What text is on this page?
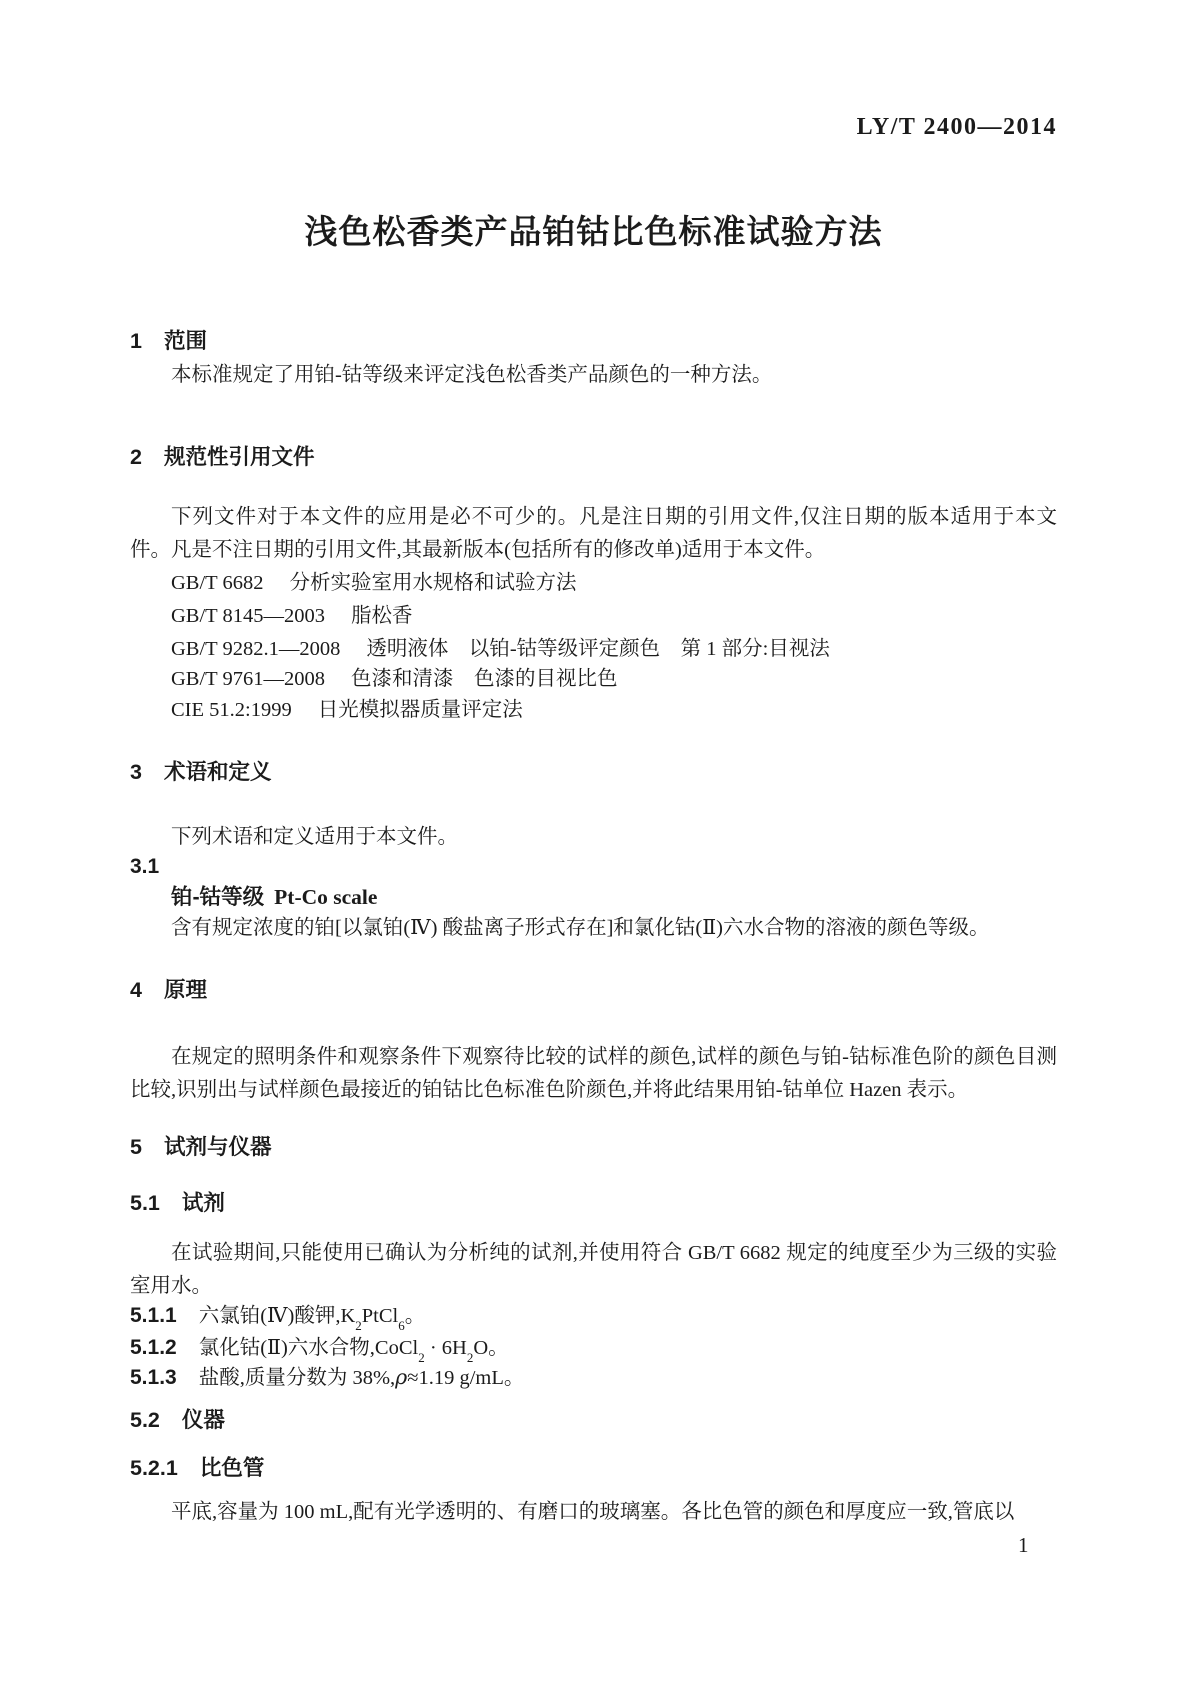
LY/T 2400—2014
浅色松香类产品铂钴比色标准试验方法

1 范围

本标准规定了用铂-钴等级来评定浅色松香类产品颜色的一种方法。

2 规范性引用文件

下列文件对于本文件的应用是必不可少的。凡是注日期的引用文件,仅注日期的版本适用于本文件。凡是不注日期的引用文件,其最新版本(包括所有的修改单)适用于本文件。

GB/T 6682 分析实验室用水规格和试验方法

GB/T 8145—2003 脂松香

GB/T 9282.1—2008 透明液体　以铂-钴等级评定颜色　第 1 部分:目视法

GB/T 9761—2008 色漆和清漆　色漆的目视比色

CIE 51.2:1999 日光模拟器质量评定法

3 术语和定义

下列术语和定义适用于本文件。

3.1

铂-钴等级 Pt-Co scale

含有规定浓度的铂[以氯铂(Ⅳ) 酸盐离子形式存在]和氯化钴(Ⅱ)六水合物的溶液的颜色等级。

4 原理

在规定的照明条件和观察条件下观察待比较的试样的颜色,试样的颜色与铂-钴标准色阶的颜色目测比较,识别出与试样颜色最接近的铂钴比色标准色阶颜色,并将此结果用铂-钴单位 Hazen 表示。

5 试剂与仪器

5.1 试剂

在试验期间,只能使用已确认为分析纯的试剂,并使用符合 GB/T 6682 规定的纯度至少为三级的实验室用水。

5.1.1 六氯铂(Ⅳ)酸钾$,K_2PtCl_6$。

5.1.2 氯化钴(Ⅱ)六水合物,CoCl$_2$ · $6H_2O$。

5.1.3 盐酸,质量分数为 38%,ρ≈1.19 g/mL。

5.2 仪器

5.2.1 比色管

平底,容量为 100 mL,配有光学透明的、有磨口的玻璃塞。各比色管的颜色和厚度应一致,管底以

1
